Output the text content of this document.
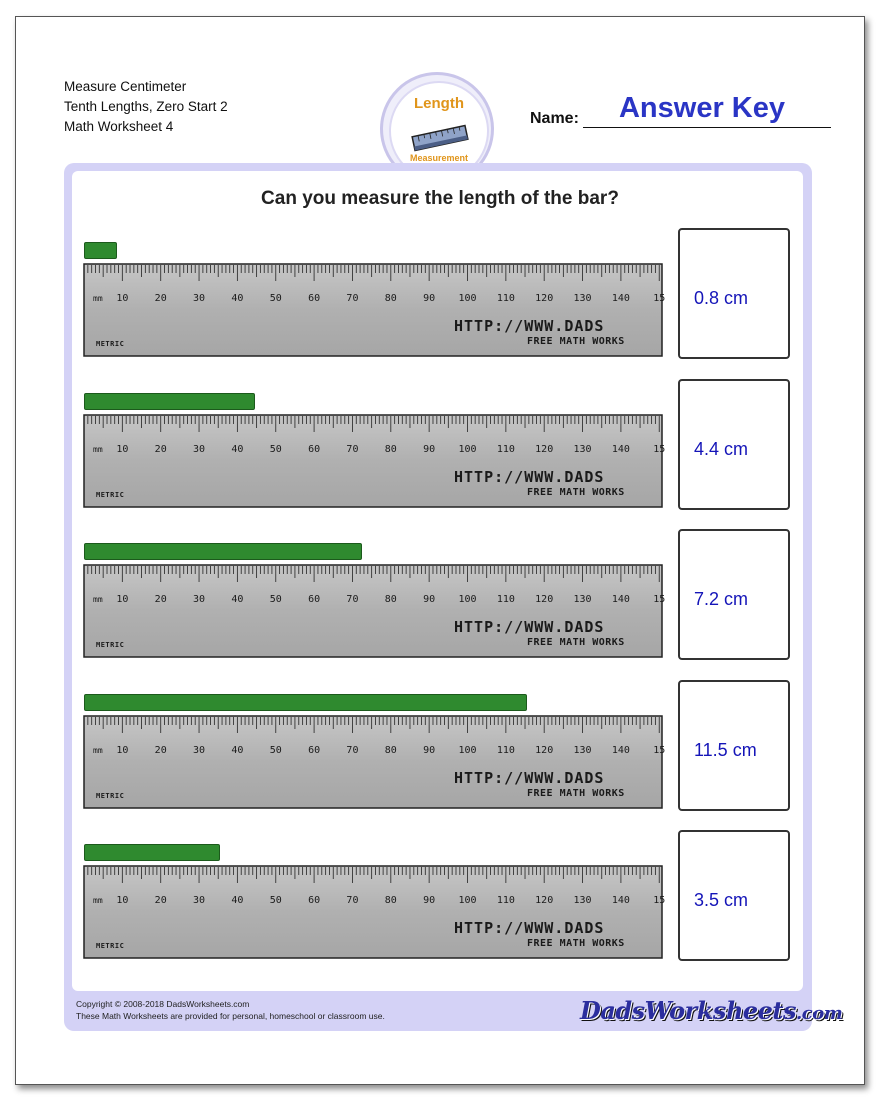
Measure Centimeter
Tenth Lengths, Zero Start 2
Math Worksheet 4
Length
Measurement
Name:	Answer Key
Can you measure the length of the bar?
mm 10	20	30	40	50	60	70	80	90 100 110 120 130 140 15
HTTP://WWW.DADS
FREE MATH WORKS
METRIC
0.8 cm
mm 10	20	30	40	50	60	70	80	90 100 110 120 130 140 15
HTTP://WWW.DADS
FREE MATH WORKS
METRIC
4.4 cm
mm 10	20	30	40	50	60	70	80	90 100 110 120 130 140 15
HTTP://WWW.DADS
FREE MATH WORKS
METRIC
7.2 cm
mm 10	20	30	40	50	60	70	80	90 100 110 120 130 140 15
HTTP://WWW.DADS
FREE MATH WORKS
METRIC
11.5 cm
mm 10	20	30	40	50	60	70	80	90 100 110 120 130 140 15
HTTP://WWW.DADS
FREE MATH WORKS
METRIC
3.5 cm
Copyright © 2008-2018 DadsWorksheets.com
These Math Worksheets are provided for personal, homeschool or classroom use.	DadsWorksheets.com
